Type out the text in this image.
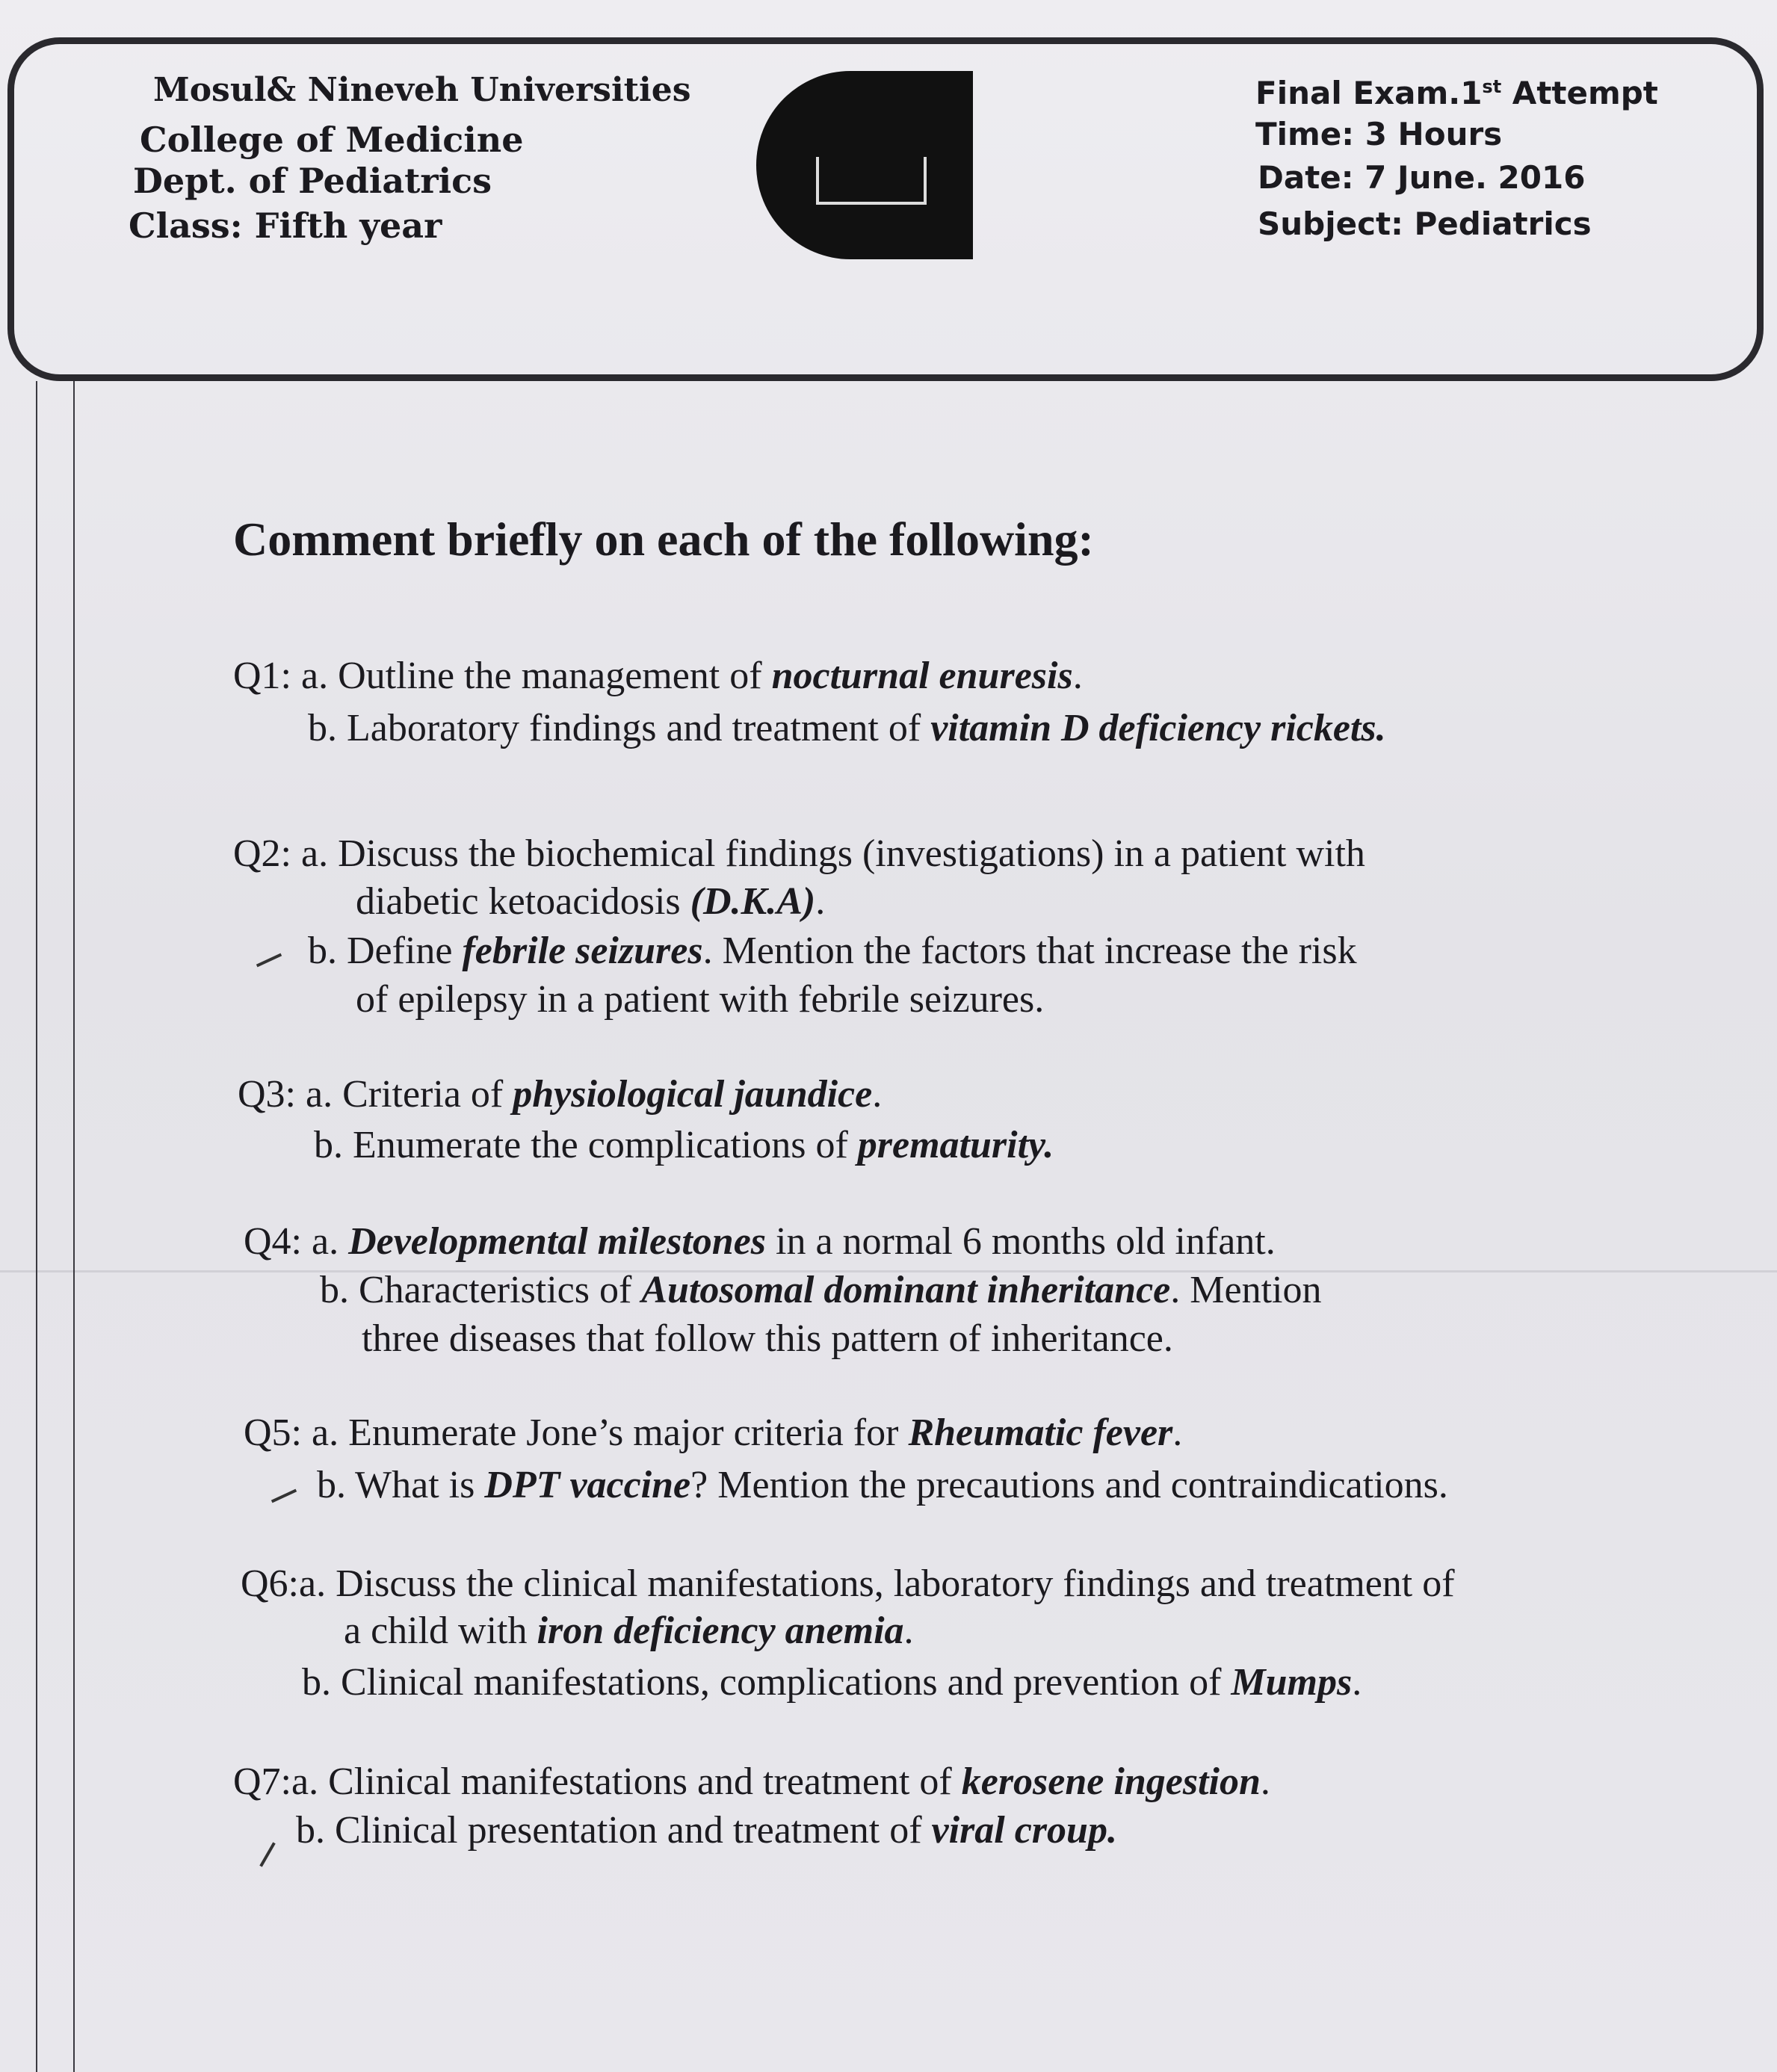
Mosul& Nineveh Universities
College of Medicine
Dept. of Pediatrics
Class: Fifth year
Final Exam.1st Attempt
Time: 3 Hours
Date: 7 June. 2016
Subject: Pediatrics
Comment briefly on each of the following:
Q1: a. Outline the management of nocturnal enuresis.
b. Laboratory findings and treatment of vitamin D deficiency rickets.
Q2: a. Discuss the biochemical findings (investigations) in a patient with
diabetic ketoacidosis (D.K.A).
b. Define febrile seizures. Mention the factors that increase the risk
of epilepsy in a patient with febrile seizures.
Q3: a. Criteria of physiological jaundice.
b. Enumerate the complications of prematurity.
Q4: a. Developmental milestones in a normal 6 months old infant.
b. Characteristics of Autosomal dominant inheritance. Mention
three diseases that follow this pattern of inheritance.
Q5: a. Enumerate Jone’s major criteria for Rheumatic fever.
b. What is DPT vaccine? Mention the precautions and contraindications.
Q6:a. Discuss the clinical manifestations, laboratory findings and treatment of
a child with iron deficiency anemia.
b. Clinical manifestations, complications and prevention of Mumps.
Q7:a. Clinical manifestations and treatment of kerosene ingestion.
b. Clinical presentation and treatment of viral croup.
